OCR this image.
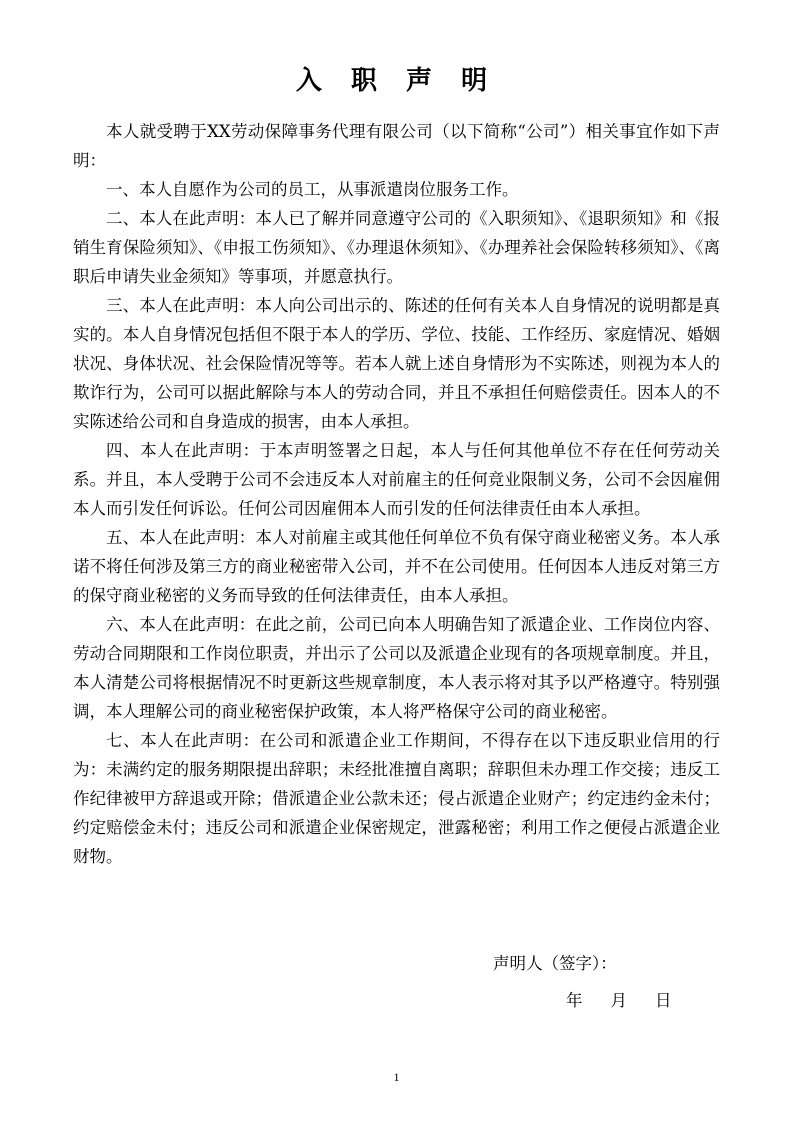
入 职 声 明

本人就受聘于XX劳动保障事务代理有限公司（以下简称“公司”）相关事宜作如下声明：

一、本人自愿作为公司的员工，从事派遣岗位服务工作。

二、本人在此声明：本人已了解并同意遵守公司的《入职须知》、《退职须知》和《报销生育保险须知》、《申报工伤须知》、《办理退休须知》、《办理养社会保险转移须知》、《离职后申请失业金须知》等事项，并愿意执行。

三、本人在此声明：本人向公司出示的、陈述的任何有关本人自身情况的说明都是真实的。本人自身情况包括但不限于本人的学历、学位、技能、工作经历、家庭情况、婚姻状况、身体状况、社会保险情况等等。若本人就上述自身情形为不实陈述，则视为本人的欺诈行为，公司可以据此解除与本人的劳动合同，并且不承担任何赔偿责任。因本人的不实陈述给公司和自身造成的损害，由本人承担。

四、本人在此声明：于本声明签署之日起，本人与任何其他单位不存在任何劳动关系。并且，本人受聘于公司不会违反本人对前雇主的任何竞业限制义务，公司不会因雇佣本人而引发任何诉讼。任何公司因雇佣本人而引发的任何法律责任由本人承担。

五、本人在此声明：本人对前雇主或其他任何单位不负有保守商业秘密义务。本人承诺不将任何涉及第三方的商业秘密带入公司，并不在公司使用。任何因本人违反对第三方的保守商业秘密的义务而导致的任何法律责任，由本人承担。

六、本人在此声明：在此之前，公司已向本人明确告知了派遣企业、工作岗位内容、劳动合同期限和工作岗位职责，并出示了公司以及派遣企业现有的各项规章制度。并且，本人清楚公司将根据情况不时更新这些规章制度，本人表示将对其予以严格遵守。特别强调，本人理解公司的商业秘密保护政策，本人将严格保守公司的商业秘密。

七、本人在此声明：在公司和派遣企业工作期间，不得存在以下违反职业信用的行为：未满约定的服务期限提出辞职；未经批准擅自离职；辞职但未办理工作交接；违反工作纪律被甲方辞退或开除；借派遣企业公款未还；侵占派遣企业财产；约定违约金未付；约定赔偿金未付；违反公司和派遣企业保密规定，泄露秘密；利用工作之便侵占派遣企业财物。

声明人（签字）：
年 月 日
1
